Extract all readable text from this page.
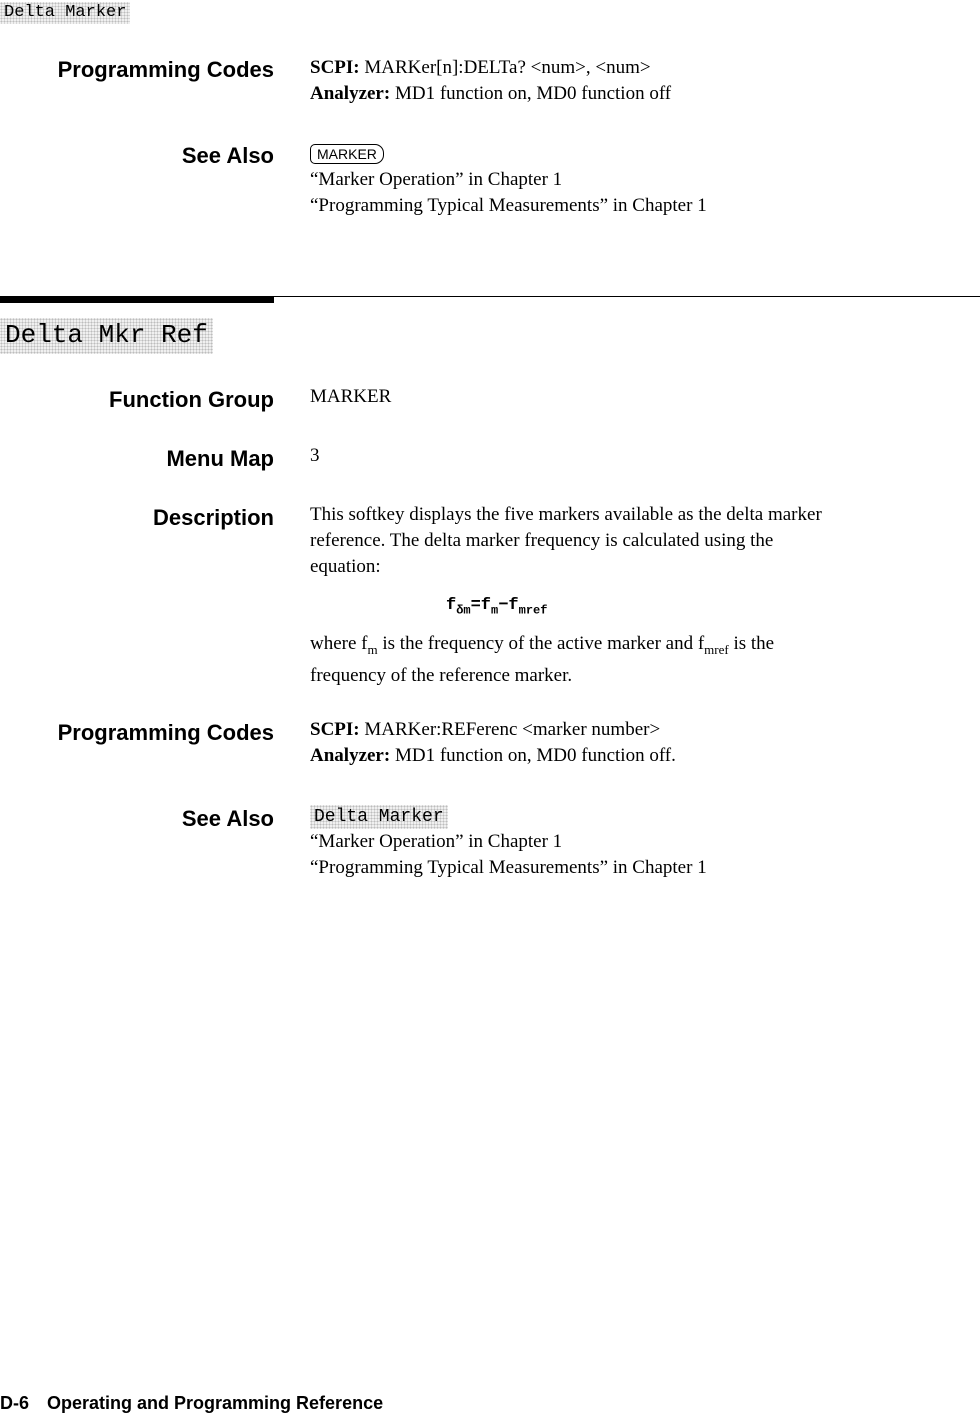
Delta Marker
Programming Codes SCPI: MARKer[n]:DELTa? <num>, <num>
Analyzer: MD1 function on, MD0 function off
See Also	MARKER
“Marker Operation” in Chapter 1
“Programming Typical Measurements” in Chapter 1
Delta Mkr Ref
Function Group MARKER
Menu Map 3
Description This softkey displays the five markers available as the delta marker
reference. The delta marker frequency is calculated using the
equation:
$f_{\delta m}=f_m-f_{mref}$
where $f_m$ is the frequency of the active marker and $f_{mref}$ is the
frequency of the reference marker.
Programming Codes SCPI: MARKer:REFerenc <marker number>
Analyzer: MD1 function on, MD0 function off.
See Also Delta Marker
“Marker Operation” in Chapter 1
“Programming Typical Measurements” in Chapter 1
D-6 Operating and Programming Reference
